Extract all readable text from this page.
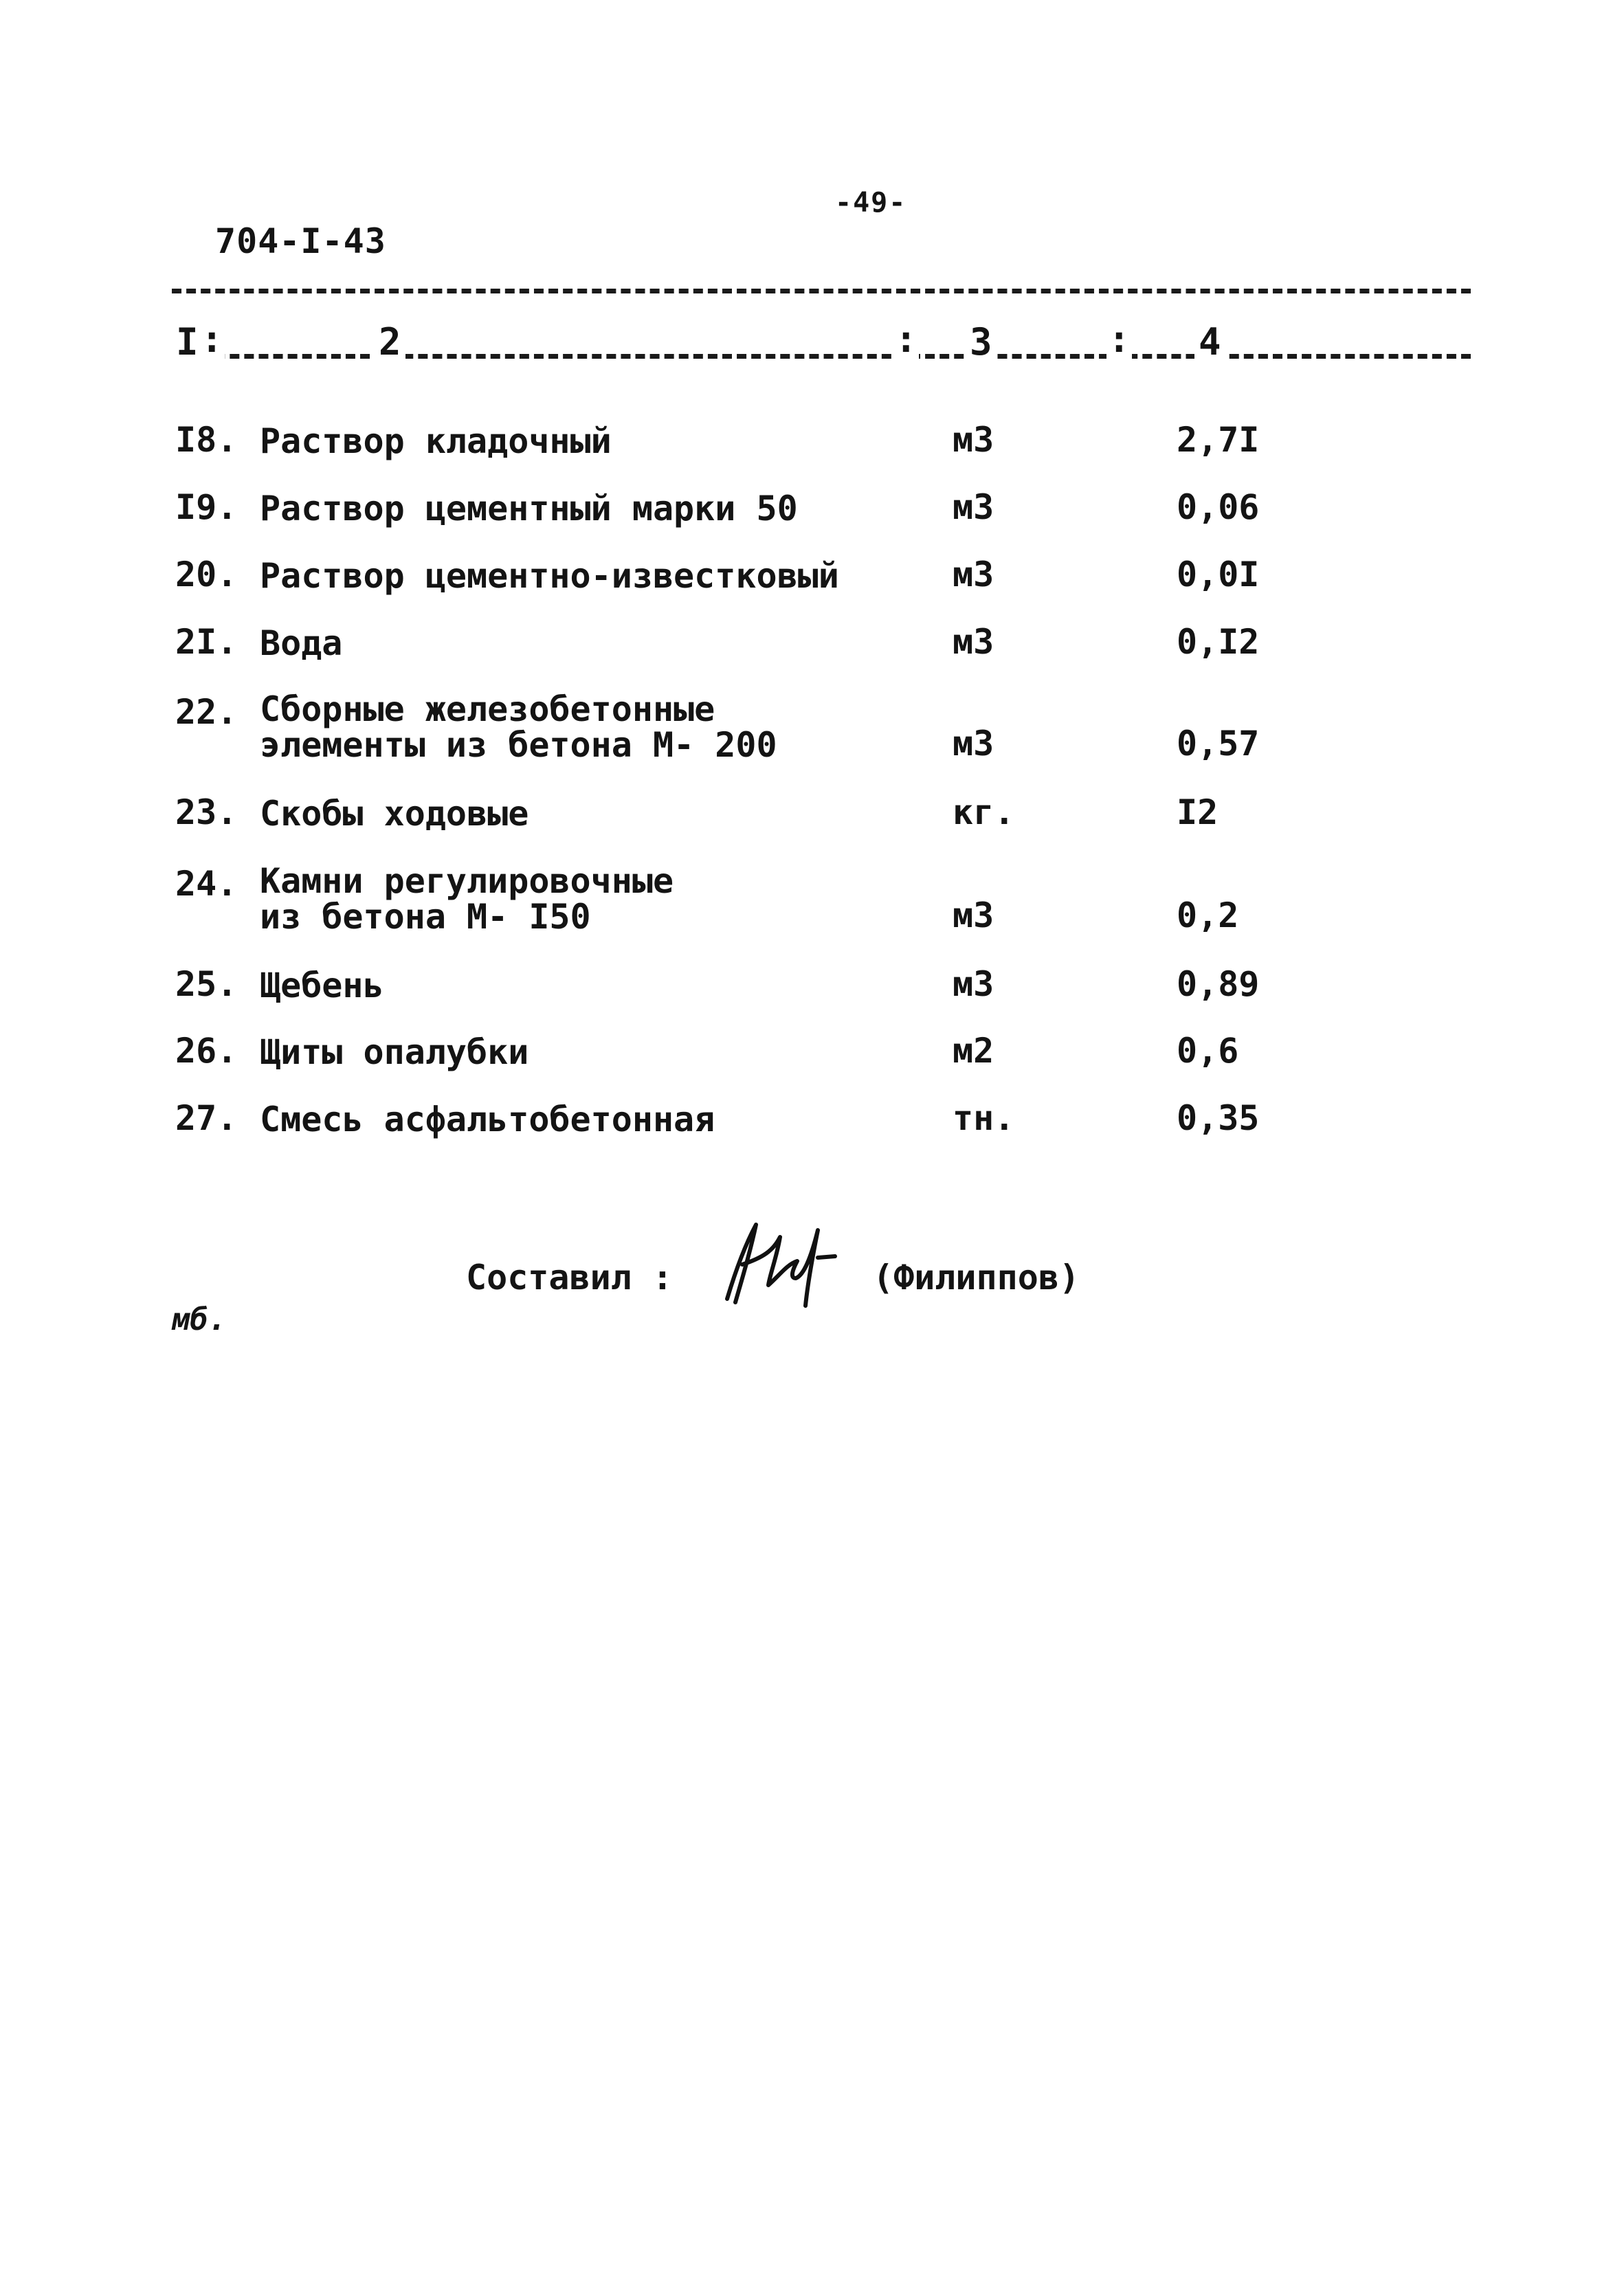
-49-
704-I-43
I :	2	: 3	: 4
I8. Раствор кладочный	м3	2,7I
I9. Раствор цементный марки 50	м3	0,06
20. Раствор цементно-известковый	м3	0,0I
2I. Вода	м3	0,I2
22. Сборные железобетонные
элементы из бетона М- 200	м3	0,57
23. Скобы ходовые	кг.	I2
24. Камни регулировочные
из бетона М- I50	м3	0,2
25. Щебень	м3	0,89
26. Щиты опалубки	м2	0,6
27. Смесь асфальтобетонная	тн.	0,35
Составил :	(Филиппов)
мб.
